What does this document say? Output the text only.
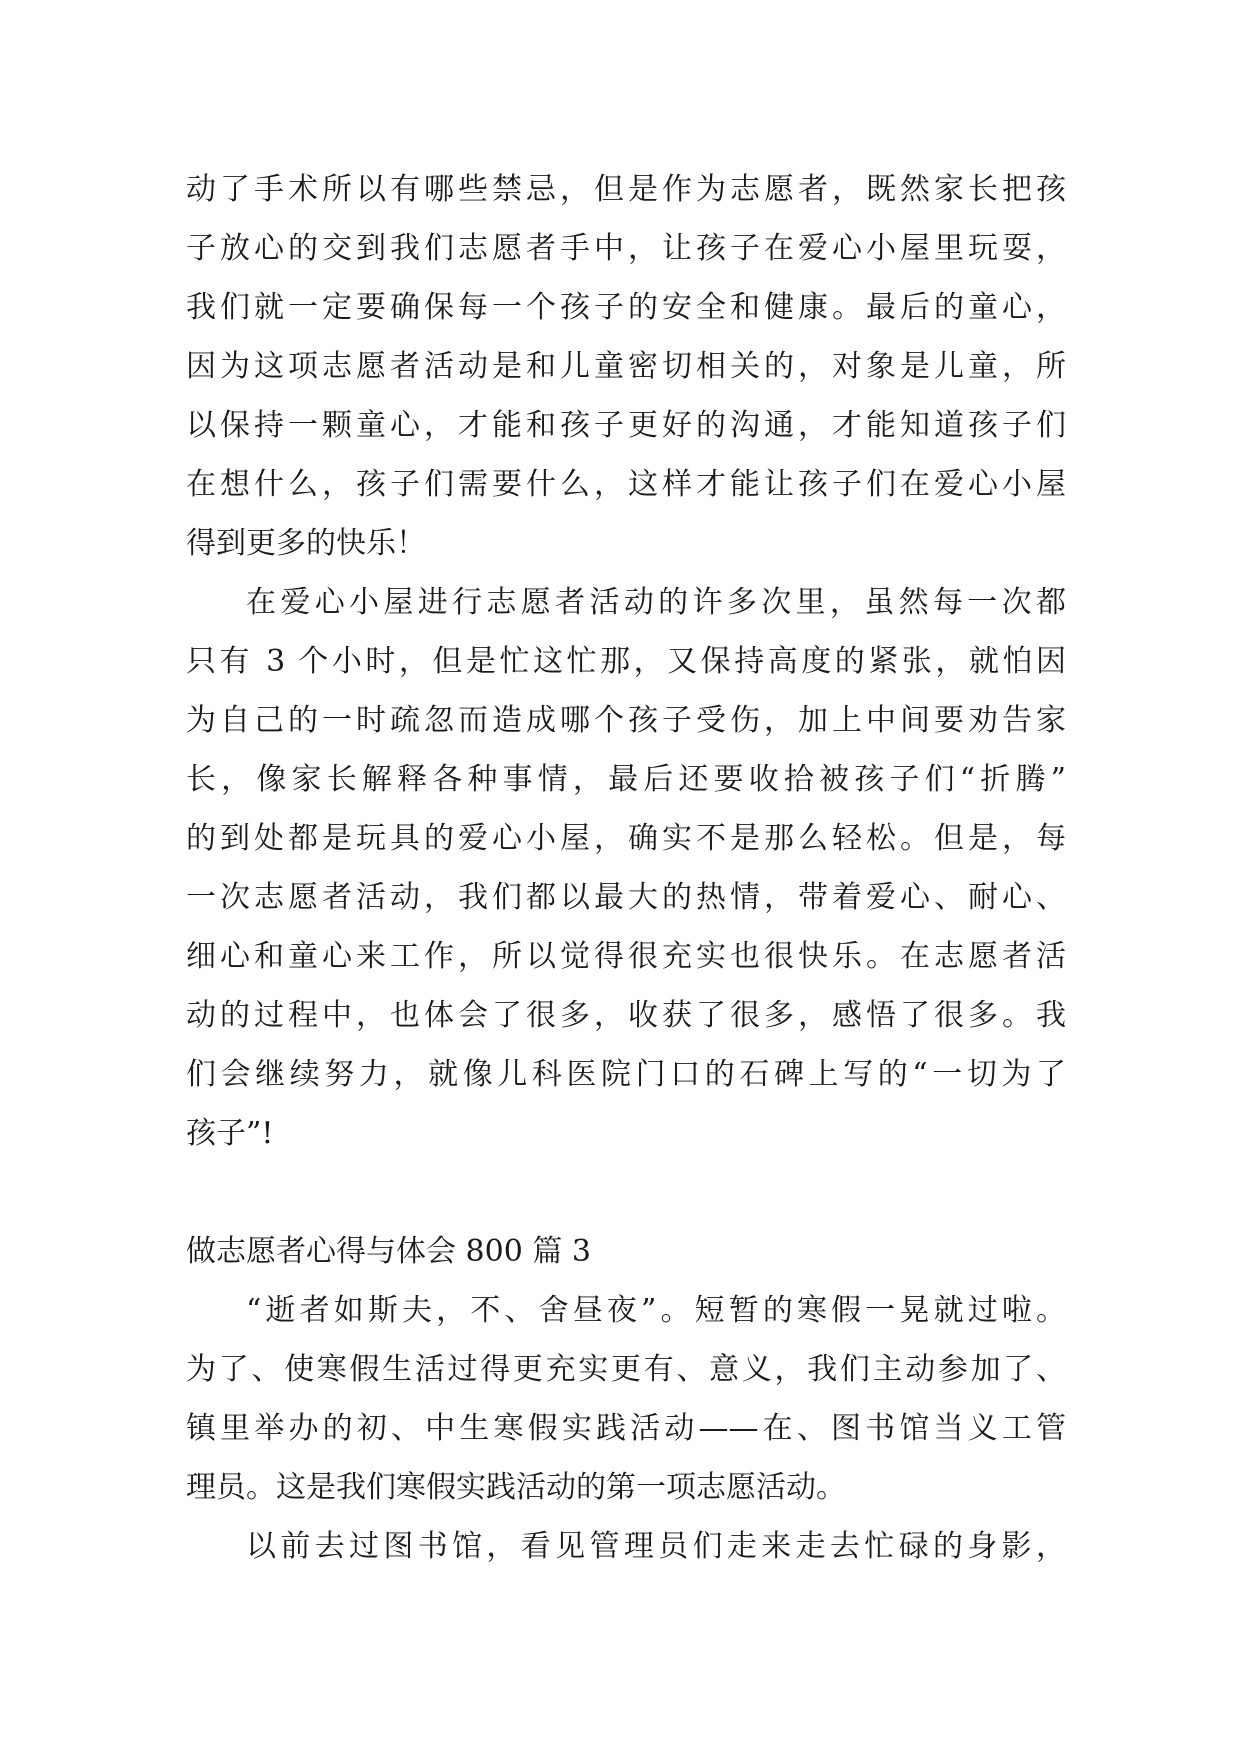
动了手术所以有哪些禁忌，但是作为志愿者，既然家长把孩
子放心的交到我们志愿者手中，让孩子在爱心小屋里玩耍，
我们就一定要确保每一个孩子的安全和健康。最后的童心，
因为这项志愿者活动是和儿童密切相关的，对象是儿童，所
以保持一颗童心，才能和孩子更好的沟通，才能知道孩子们
在想什么，孩子们需要什么，这样才能让孩子们在爱心小屋
得到更多的快乐！
在爱心小屋进行志愿者活动的许多次里，虽然每一次都
只有 3 个小时，但是忙这忙那，又保持高度的紧张，就怕因
为自己的一时疏忽而造成哪个孩子受伤，加上中间要劝告家
长，像家长解释各种事情，最后还要收拾被孩子们“折腾”
的到处都是玩具的爱心小屋，确实不是那么轻松。但是，每
一次志愿者活动，我们都以最大的热情，带着爱心、耐心、
细心和童心来工作，所以觉得很充实也很快乐。在志愿者活
动的过程中，也体会了很多，收获了很多，感悟了很多。我
们会继续努力，就像儿科医院门口的石碑上写的“一切为了
孩子”!
做志愿者心得与体会 800 篇 3
“逝者如斯夫，不、舍昼夜”。短暂的寒假一晃就过啦。
为了、使寒假生活过得更充实更有、意义，我们主动参加了、
镇里举办的初、中生寒假实践活动——在、图书馆当义工管
理员。这是我们寒假实践活动的第一项志愿活动。
以前去过图书馆，看见管理员们走来走去忙碌的身影，
